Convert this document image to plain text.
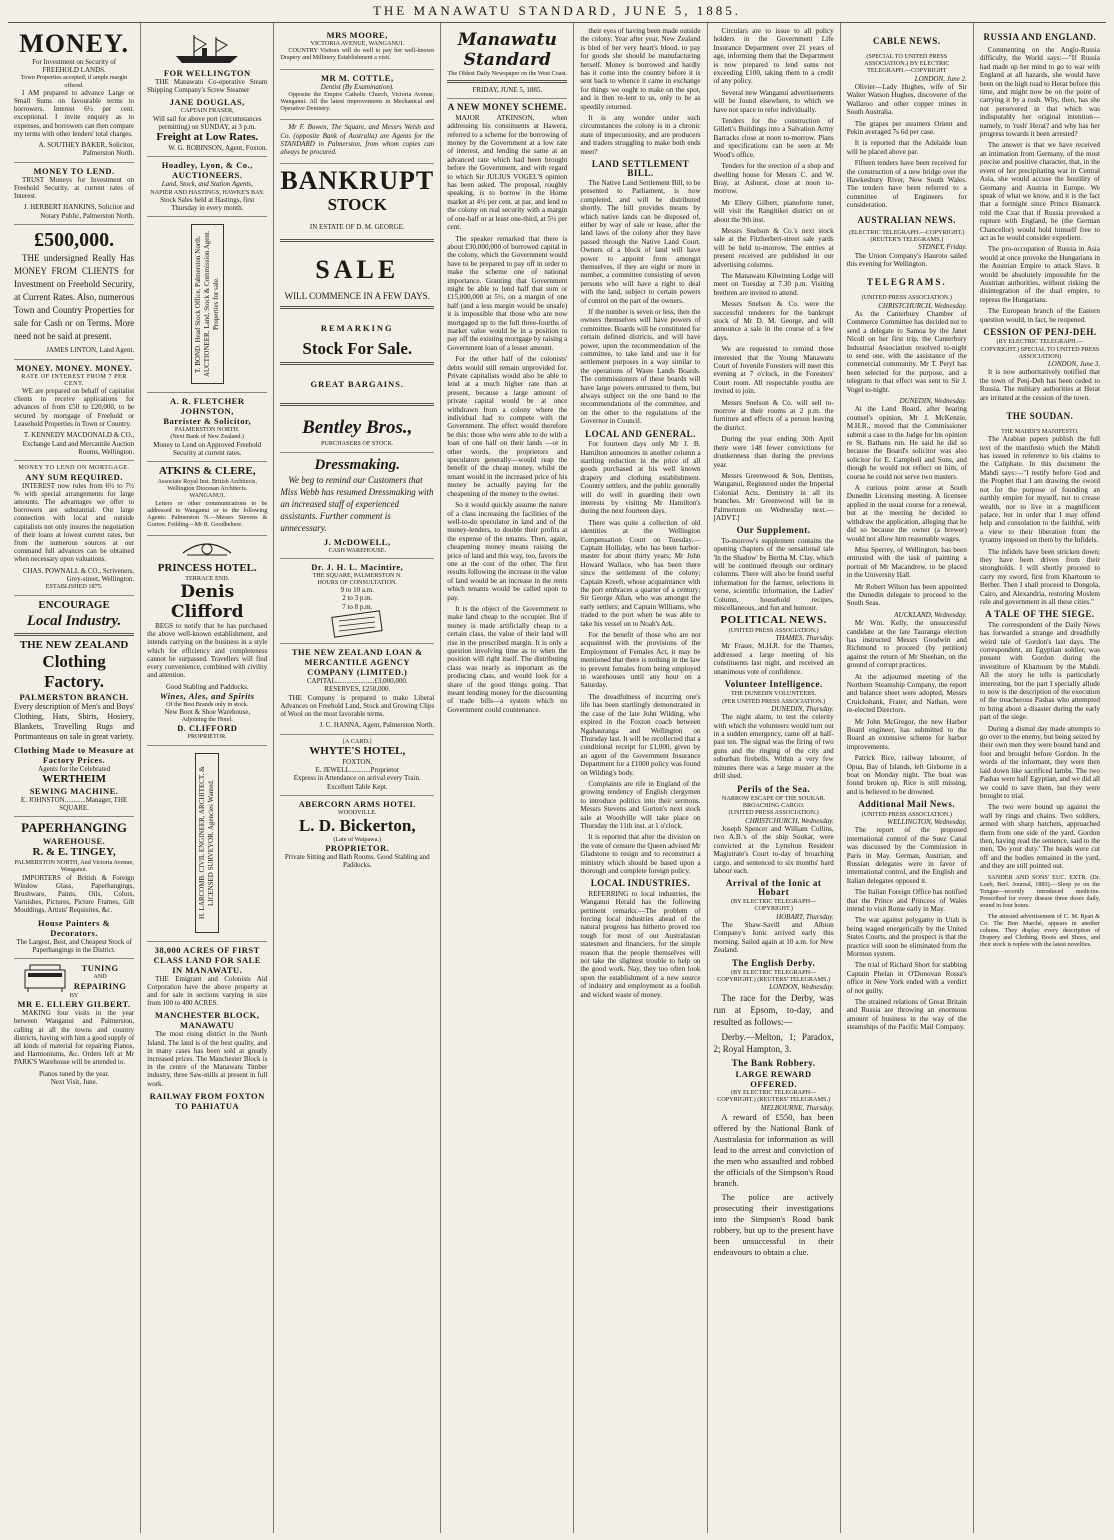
THE MANAWATU STANDARD, JUNE 5, 1885.
MONEY.
For Investment on Security of FREEHOLD LANDS.
Town Properties accepted, if ample margin offered.

I AM prepared to advance Large or Small Sums on favourable terms to borrowers. Interest 6½ per cent. exceptional. I invite enquiry as to expenses, and borrowers can then compare my terms with other lenders' total charges.

A. SOUTHEY BAKER, Solicitor, Palmerston North.
MONEY TO LEND.

TRUST Moneys for Investment on Freehold Security, at current rates of Interest.

J. HERBERT HANKINS, Solicitor and Notary Public, Palmerston North.
£500,000.

THE undersigned Really Has MONEY FROM CLIENTS for Investment on Freehold Security, at Current Rates. Also, numerous Town and Country Properties for sale for Cash or on Terms. More need not be said at present.

JAMES LINTON, Land Agent.
MONEY. MONEY. MONEY.
RATE OF INTEREST FROM 7 PER CENT.

WE are prepared on behalf of capitalist clients to receive applications for advances of from £50 to £20,000, to be secured by mortgage of Freehold or Leasehold Properties in Town or Country.

T. KENNEDY MACDONALD & CO., Exchange Land and Mercantile Auction Rooms, Wellington.
MONEY TO LEND ON MORTGAGE.
ANY SUM REQUIRED.

INTEREST now rules from 6½ to 7½ % with special arrangements for large amounts. The advantages we offer to borrowers are substantial. Our large connection with local and outside capitalists not only insures the negotiation of their loans at lowest current rates, but from the numerous sources at our command full advances can be obtained when necessary upon valuations.

CHAS. POWNALL & CO., Scriveners, Grey-street, Wellington.
ESTABLISHED 1875.
ENCOURAGE
Local Industry.
THE NEW ZEALAND
Clothing Factory.
PALMERSTON BRANCH.

Every description of Men's and Boys' Clothing, Hats, Shirts, Hosiery, Blankets, Travelling Rugs and Portmanteaus on sale in great variety.

Clothing Made to Measure at Factory Prices.
Agents for the Celebrated
WERTHEIM
SEWING MACHINE.
E. JOHNSTON............Manager, THE SQUARE.
PAPERHANGING
WAREHOUSE.
R. & E. TINGEY,
PALMERSTON NORTH, And Victoria Avenue, Wanganui.

IMPORTERS of British & Foreign Window Glass, Paperhangings, Brushware, Paints, Oils, Colors, Varnishes, Pictures, Picture Frames, Gilt Mouldings, Artists' Requisites, &c.

House Painters & Decorators.
The Largest, Best, and Cheapest Stock of Paperhangings in the District.
TUNING
AND
REPAIRING
BY
MR E. ELLERY GILBERT.

MAKING four visits in the year between Wanganui and Palmerston, calling at all the towns and country districts, having with him a good supply of all kinds of material for repairing Pianos, and Harmoniums, &c. Orders left at Mr PARK'S Warehouse will be attended to.

Pianos tuned by the year.
Next Visit, June.
FOR WELLINGTON

THE Manawatu Co-operative Steam Shipping Company's Screw Steamer

JANE DOUGLAS,
CAPTAIN FRASER,
Will sail for above port (circumstances permitting) on SUNDAY, at 3 p.m.
Freight at Low Rates.
W. G. ROBINSON, Agent, Foxton.
Hoadley, Lyon, & Co.,
AUCTIONEERS.
Land, Stock, and Station Agents,
NAPIER AND HASTINGS, HAWKE'S BAY.
Stock Sales held at Hastings, first Thursday in every month.
T. BOND. Head Stock Office, Palmerston North. AUCTIONEER. Land, Stock & Commission Agent. Properties for sale.
A. R. FLETCHER JOHNSTON,
Barrister & Solicitor,
PALMERSTON NORTH.
(Next Bank of New Zealand.)
Money to Lend on Approved Freehold Security at current rates.
ATKINS & CLERE,
Associate Royal Inst. British Architects, Wellington Diocesan Architects.
WANGANUI.

Letters or other communications to be addressed to Wanganui or to the following Agents: Palmerston N.—Messrs Stevens & Gorton. Feilding—Mr R. Goodbehere.

PRINCESS HOTEL.
TERRACE END.
Denis Clifford

BEGS to notify that he has purchased the above well-known establishment, and intends carrying on the business in a style which for efficiency and completeness cannot be surpassed. Travellers will find every convenience, combined with civility and attention.

Good Stabling and Paddocks.
Wines, Ales, and Spirits
Of the Best Brands only in stock.
New Boot & Shoe Warehouse,
Adjoining the Hotel.
D. CLIFFORD
PROPRIETOR.
H. LARCOMB. CIVIL ENGINEER, ARCHITECT, & LICENSED SURVEYOR. Agencies Wanted.
38,000 ACRES OF FIRST CLASS LAND FOR SALE IN MANAWATU.

THE Emigrant and Colonists Aid Corporation have the above property at and for sale in sections varying in size from 100 to 400 ACRES.

MANCHESTER BLOCK, MANAWATU

The most rising district in the North Island. The land is of the best quality, and in many cases has been sold at greatly increased prices. The Manchester Block is in the centre of the Manawatu Timber industry, three Saw-mills at present in full work.

RAILWAY FROM FOXTON TO PAHIATUA
MRS MOORE,
VICTORIA AVENUE, WANGANUI.

COUNTRY Visitors will do well to pay her well-known Drapery and Millinery Establishment a visit.

MR M. COTTLE,
Dentist (By Examination).

Opposite the Empire Catholic Church, Victoria Avenue, Wanganui. All the latest improvements in Mechanical and Operative Dentistry.

Mr F. Bowen, The Square, and Messrs Welsh and Co. (opposite Bank of Australia) are Agents for the STANDARD in Palmerston, from whom copies can always be procured.

BANKRUPT
STOCK
IN ESTATE OF D. M. GEORGE.
SALE
WILL COMMENCE IN A FEW DAYS.
REMARKING
Stock For Sale.
GREAT BARGAINS.
Bentley Bros.,
PURCHASERS OF STOCK.
Dressmaking.

We beg to remind our Customers that Miss Webb has resumed Dressmaking with an increased staff of experienced assistants. Further comment is unnecessary.

J. McDOWELL,
CASH WAREHOUSE.
Dr. J. H. L. Macintire,
THE SQUARE, PALMERSTON N.
HOURS OF CONSULTATION.
9 to 10 a.m.
2 to 3 p.m.
7 to 8 p.m.
THE NEW ZEALAND LOAN & MERCANTILE AGENCY COMPANY (LIMITED.)
CAPITAL......................£3,000,000.
RESERVES, £250,000.

THE Company is prepared to make Liberal Advances on Freehold Land, Stock and Growing Clips of Wool on the most favorable terms.

J. C. HANNA, Agent, Palmerston North.
[A CARD.]
WHYTE'S HOTEL,
FOXTON.
E. JEWELL............Proprietor
Express in Attendance on arrival every Train.
Excellent Table Kept.
ABERCORN ARMS HOTEL
WOODVILLE.
L. D. Bickerton,
(Late of Waipawa.)
PROPRIETOR.
Private Sitting and Bath Rooms. Good Stabling and Paddocks.
Manawatu Standard
The Oldest Daily Newspaper on the West Coast.
FRIDAY, JUNE 5, 1885.
A NEW MONEY SCHEME.

MAJOR ATKINSON, when addressing his constituents at Hawera, referred to a scheme for the borrowing of money by the Government at a low rate of interest, and lending the same at an advanced rate which had been brought before the Government, and with regard to which Sir JULIUS VOGEL'S opinion has been asked. The proposal, roughly speaking, is to borrow in the Home market at 4½ per cent. at par, and lend to the colony on real security with a margin of one-half or at least one-third, at 5½ per cent.

The speaker remarked that there is about £30,000,000 of borrowed capital in the colony, which the Government would have to be prepared to pay off in order to make the scheme one of national importance. Granting that Government might be able to lend half that sum or £15,000,000 at 5½, on a margin of one half (and a less margin would be unsafe) it is impossible that those who are now mortgaged up to the full three-fourths of market value would be in a position to pay off the existing mortgage by raising a Government loan of a lesser amount.

For the other half of the colonists' debts would still remain unprovided for. Private capitalists would also be able to lend at a much higher rate than at present, because a large amount of private capital would be at once withdrawn from a colony where the individual had to compete with the Government. The effect would therefore be this: those who were able to do with a loan of one half on their lands —or in other words, the proprietors and speculators generally—would reap the benefit of the cheap money, whilst the tenant would in the increased price of his money be actually paying for the cheapening of the money to the owner.

So it would quickly assume the nature of a class increasing the facilities of the well-to-do speculator in land and of the money-lenders, to double their profits at the expense of the tenants. Then, again, cheapening money means raising the price of land and this way, too, favors the one at the cost of the other. The first results following the increase in the value of land would be an increase in the rents which tenants would be called upon to pay.

It is the object of the Government to make land cheap to the occupier. But if money is made artificially cheap to a certain class, the value of their land will rise in the prescribed margin. It is only a question involving time as to when the position will right itself. The distributing class was nearly as important as the producing class, and would look for a share of the good things going. That meant lending money for the discounting of trade bills—a system which no Government could countenance.

their eyes of having been made outside the colony. Year after year, New Zealand is bled of her very heart's blood, to pay for goods she should be manufacturing herself. Money is borrowed and hardly has it come into the country before it is sent back to whence it came in exchange for things we ought to make on the spot, and is then re-lent to us, only to be as speedily returned.

It is any wonder under such circumstances the colony is in a chronic state of impecuniosity, and are producers and traders struggling to make both ends meet?

LAND SETTLEMENT BILL.

The Native Land Settlement Bill, to be presented to Parliament, is now completed, and will be distributed shortly. The bill provides means by which native lands can be disposed of, either by way of sale or lease, after the land laws of the colony after they have passed through the Native Land Court. Owners of a block of land will have power to appoint from amongst themselves, if they are eight or more in number, a committee consisting of seven persons who will have a right to deal with the land, subject to certain powers of control on the part of the owners.

If the number is seven or less, then the owners themselves will have powers of committee. Boards will be constituted for certain defined districts, and will have power, upon the recommendation of the committee, to take land and use it for settlement purposes in a way similar to the operations of Waste Lands Boards. The commissioners of these boards will have large powers entrusted to them, but always subject on the one hand to the recommendations of the committee, and on the other to the regulations of the Governor in Council.

LOCAL AND GENERAL.

For fourteen days only Mr J. B. Hamilton announces in another column a startling reduction in the price of all goods purchased at his well known drapery and clothing establishment. Country settlers, and the public generally will do well in guarding their own interests by visiting Mr Hamilton's during the next fourteen days.

There was quite a collection of old identities at the Wellington Compensation Court on Tuesday.—Captain Holliday, who has been harbor-master for about thirty years; Mr John Howard Wallace, who has been there since the settlement of the colony; Captain Kreeft, whose acquaintance with the port embraces a quarter of a century; Sir George Allan, who was amongst the early settlers; and Captain Williams, who traded to the port when he was able to take his vessel on to Noah's Ark.

For the benefit of those who are not acquainted with the provisions of the Employment of Females Act, it may be mentioned that there is nothing in the law to prevent females from being employed in warehouses until any hour on a Saturday.

The dreadfulness of incurring one's life has been startlingly demonstrated in the case of the late John Wilding, who expired in the Foxton coach between Ngahauranga and Wellington on Thursday last. It will be recollected that a conditional receipt for £1,000, given by an agent of the Government Insurance Department for a £1000 policy was found on Wilding's body.

Complaints are rife in England of the growing tendency of English clergymen to introduce politics into their sermons. Messrs Stevens and Gorton's next stock sale at Woodville will take place on Thursday the 11th inst. at 1 o'clock.

It is reported that after the division on the vote of censure the Queen advised Mr Gladstone to resign and to reconstruct a ministry which should be based upon a thorough and complete foreign policy.

LOCAL INDUSTRIES.

REFERRING to local industries, the Wanganui Herald has the following pertinent remarks:—The problem of forcing local industries ahead of the natural progress has hitherto proved too tough for most of our Australasian statesmen and financiers, for the simple reason that the people themselves will not take the slightest trouble to help on the good work. Nay, they too often look upon the establishment of a new source of industry and employment as a foolish and wicked waste of money.

Circulars are to issue to all policy holders in the Government Life Insurance Department over 21 years of age, informing them that the Department is now prepared to lend sums not exceeding £100, taking them to a credit of any policy.

Several new Wanganui advertisements will be found elsewhere, to which we have not space to refer individually.

Tenders for the construction of Gillett's Buildings into a Salvation Army Barracks close at noon to-morrow. Plans and specifications can be seen at Mr Wood's office.

Tenders for the erection of a shop and dwelling house for Messrs C. and W. Bray, at Ashurst, close at noon to-morrow.

Mr Ellery Gilbert, pianoforte tuner, will visit the Rangitikei district on or about the 9th inst.

Messrs Snelson & Co.'s next stock sale at the Fitzherbert-street sale yards will be held to-morrow. The entries at present received are published in our advertising columns.

The Manawatu Kilwinning Lodge will meet on Tuesday at 7.30 p.m. Visiting brethren are invited to attend.

Messrs Snelson & Co. were the successful tenderers for the bankrupt stock of Mr D. M. George, and will announce a sale in the course of a few days.

We are requested to remind those interested that the Young Manawatu Court of Juvenile Foresters will meet this evening at 7 o'clock, in the Foresters' Court room. All respectable youths are invited to join.

Messrs Snelson & Co. will sell to-morrow at their rooms at 2 p.m. the furniture and effects of a person leaving the district.

During the year ending 30th April there were 148 fewer convictions for drunkenness than during the previous year.

Messrs Greenwood & Son, Dentists, Wanganui, Registered under the Imperial Colonial Acts. Dentistry in all its branches. Mr Greenwood will be in Palmerston on Wednesday next.—[ADVT.]

Our Supplement.

To-morrow's supplement contains the opening chapters of the sensational tale 'In the Shadow' by Bertha M. Clay, which will be continued through our ordinary columns. There will also be found useful information for the farmer, selections in verse, scientific information, the Ladies' Column, household recipes, miscellaneous, and fun and humour.

POLITICAL NEWS.
(UNITED PRESS ASSOCIATION.)
THAMES, Thursday.

Mr Fraser, M.H.R. for the Thames, addressed a large meeting of his constituents last night, and received an unanimous vote of confidence.

Volunteer Intelligence.
THE DUNEDIN VOLUNTEERS.
(PER UNITED PRESS ASSOCIATION.)
DUNEDIN, Thursday.

The night alarm, to test the celerity with which the volunteers would turn out in a sudden emergency, came off at half-past ten. The signal was the firing of two guns and the ringing of the city and suburban firebells. Within a very few minutes there was a large muster at the drill shed.

Perils of the Sea.
NARROW ESCAPE OF THE SOUKAR. BROACHING CARGO.
(UNITED PRESS ASSOCIATION.)
CHRISTCHURCH, Wednesday.

Joseph Spencer and William Collins, two A.B.'s of the ship Soukar, were convicted at the Lyttelton Resident Magistrate's Court to-day of broaching cargo, and sentenced to six months' hard labour each.

Arrival of the Ionic at Hobart
(BY ELECTRIC TELEGRAPH—COPYRIGHT.)
HOBART, Thursday.

The Shaw-Savill and Albion Company's Ionic arrived early this morning. Sailed again at 10 a.m. for New Zealand.

The English Derby.
(BY ELECTRIC TELEGRAPH—COPYRIGHT.) (REUTERS' TELEGRAMS.)
LONDON, Wednesday.

The race for the Derby, was run at Epsom, to-day, and resulted as follows:—

Derby.—Melton, 1; Paradox, 2; Royal Hampton, 3.

The Bank Robbery.
LARGE REWARD OFFERED.
(BY ELECTRIC TELEGRAPH—COPYRIGHT.) (REUTERS' TELEGRAMS.)
MELBOURNE, Thursday.

A reward of £550, has been offered by the National Bank of Australasia for information as will lead to the arrest and conviction of the men who assaulted and robbed the officials of the Simpson's Road branch.

The police are actively prosecuting their investigations into the Simpson's Road bank robbery, but up to the present have been unsuccessful in their endeavours to obtain a clue.

CABLE NEWS.
(SPECIAL TO UNITED PRESS ASSOCIATION.) BY ELECTRIC TELEGRAPH.—COPYRIGHT
LONDON, June 2.

Olivier—Lady Hughes, wife of Sir Walter Watson Hughes, discoverer of the Wallaroo and other copper mines in South Australia.

The grapes per steamers Orient and Pekin averaged 7s 6d per case.

It is reported that the Adelaide loan will be placed above par.

Fifteen tenders have been received for the construction of a new bridge over the Hawkesbury River, New South Wales. The tenders have been referred to a committee of Engineers for consideration.

AUSTRALIAN NEWS.
(ELECTRIC TELEGRAPH.—COPYRIGHT.) (REUTER'S TELEGRAMS.)
SYDNEY, Friday.

The Union Company's Hauroto sailed this evening for Wellington.

TELEGRAMS.
(UNITED PRESS ASSOCIATION.)
CHRISTCHURCH, Wednesday.

As the Canterbury Chamber of Commerce Committee has decided not to send a delegate to Samoa by the Janet Nicoll on her first trip, the Canterbury Industrial Association resolved to-night to send one, with the assistance of the commercial community. Mr T. Peryl has been selected for the purpose, and a telegram to that effect was sent to Sir J. Vogel to-night.

DUNEDIN, Wednesday.

At the Land Board, after hearing counsel's opinion, Mr J. McKenzie, M.H.R., moved that the Commissioner submit a case to the Judge for his opinion re St. Bathans run. He said he did so because the Board's solicitor was also solicitor for E. Campbell and Sons, and though he would not reflect on him, of course he could not serve two masters.

A curious point arose at South Dunedin Licensing meeting. A licensee applied in the usual course for a renewal, but at the meeting he decided to withdraw the application, alleging that he did so because the owner (a brewer) would not allow him reasonable wages.

Miss Sperrey, of Wellington, has been entrusted with the task of painting a portrait of Mr Macandrew, to be placed in the University Hall.

Mr Robert Wilson has been appointed the Dunedin delegate to proceed to the South Seas.

AUCKLAND, Wednesday.

Mr Wm. Kelly, the unsuccessful candidate at the late Tauranga election has instructed Messrs Goodwin and Richmond to proceed (by petition) against the return of Mr Sheehan, on the ground of corrupt practices.

At the adjourned meeting of the Northern Steamship Company, the report and balance sheet were adopted, Messrs Cruickshank, Frater, and Nathan, were re-elected Directors.

Mr John McGregor, the new Harbor Board engineer, has submitted to the Board an extensive scheme for harbor improvements.

Patrick Rice, railway labourer, of Opua, Bay of Islands, left Gisborne in a boat on Monday night. The boat was found broken up. Rice is still missing, and is believed to be drowned.

Additional Mail News.
(UNITED PRESS ASSOCIATION.)
WELLINGTON, Wednesday.

The report of the proposed international control of the Suez Canal was discussed by the Commission in Paris in May. German, Austrian, and Russian delegates were in favor of international control, and the English and Italian delegates opposed it.

The Italian Foreign Office has notified that the Prince and Princess of Wales intend to visit Rome early in May.

The war against polygamy in Utah is being waged energetically by the United States Courts, and the prospect is that the practice will soon be eliminated from the Mormon system.

The trial of Richard Short for stabbing Captain Phelan in O'Donovan Rossa's office in New York ended with a verdict of not guilty.

The strained relations of Great Britain and Russia are throwing an enormous amount of business in the way of the steamships of the Pacific Mail Company.

RUSSIA AND ENGLAND.

Commenting on the Anglo-Russia difficulty, the World says:—"If Russia had made up her mind to go to war with England at all hazards, she would have been on the high road to Herat before this time, and might now be on the point of carrying it by a rush. Why, then, has she not persevered in that which was indisputably her original intention—namely, to 'rush' Herat? and why has her progress towards it been arrested?

The answer is that we have received an intimation from Germany, of the most precise and positive character, that, in the event of her precipitating war in Central Asia, she would accuse the hostility of Germany and Austria in Europe. We speak of what we know, and it is the fact that a fortnight since Prince Bismarck told the Czar that if Russia provoked a rupture with England, he (the German Chancellor) would hold himself free to act as he would consider expedient.

The pro-occupation of Russia in Asia would at once provoke the Hungarians in the Austrian Empire to attack Slavs. It would be absolutely impossible for the Austrian authorities, without risking the disintegration of the dual empire, to repress the Hungarians.

The European branch of the Eastern question would, in fact, be reopened.

CESSION OF PENJ-DEH.
(BY ELECTRIC TELEGRAPH.—COPYRIGHT.) SPECIAL TO UNITED PRESS ASSOCIATION)
LONDON, June 3.

It is now authoritatively notified that the town of Penj-Deh has been ceded to Russia. The military authorities at Herat are irritated at the cession of the town.

THE SOUDAN.
THE MAHDI'S MANIFESTO.

The Arabian papers publish the full text of the manifesto which the Mahdi has issued in reference to his claims to the Caliphate. In this document the Mahdi says:—"I testify before God and the Prophet that I am drawing the sword not for the purpose of founding an earthly empire for myself, not to crease wealth, nor to live in a magnificent palace, but in order that I may offend help and consolation to the faithful, with a view to their liberation from the tyranny imposed on them by the Infidels.

The infidels have been stricken down; they have been driven from their strongholds. I will shortly proceed to carry my sword, first from Khartoum to Berber. Then I shall proceed to Dongola, Cairo, and Alexandria, restoring Moslem rule and government in all these cities."

A TALE OF THE SIEGE.

The correspondent of the Daily News has forwarded a strange and dreadfully weird tale of Gordon's last days. The correspondent, an Egyptian soldier, was present with Gordon during the investiture of Khartoum by the Mahdi. All the story he tells is particularly interesting, but the part I specially allude to now is the description of the execution of the treacherous Pashas who attempted to bring about a disaster during the early part of the siege.

During a dismal day made attempts to go over to the enemy, but being seized by their own men they were bound hand and foot and brought before Gordon. In the words of the informant, they were then laid down like sacrificed lambs. The two Pashas were half Egyptian, and we did all we could to save them, but they were brought to trial.

The two were bound up against the wall by rings and chains. Two soldiers, armed with sharp hatchets, approached them from one side of the yard. Gordon then, having read the sentence, said to the men, 'Do your duty.' The heads were cut off and the bodies remained in the yard, and they are still pointed out.

SANDER AND SONS' EUC. EXTR. (Dr. Loeb, Berl. Journal, 1883).—Sleep ye on the Tongue—recently introduced medicine. Prescribed for every disease three doses daily, sound in four hours.

The attested advertisement of C. M. Ryan & Co. The Bon Marché, appears in another column. They display every description of Drapery and Clothing, Boots and Shoes, and their stock is replete with the latest novelties.
